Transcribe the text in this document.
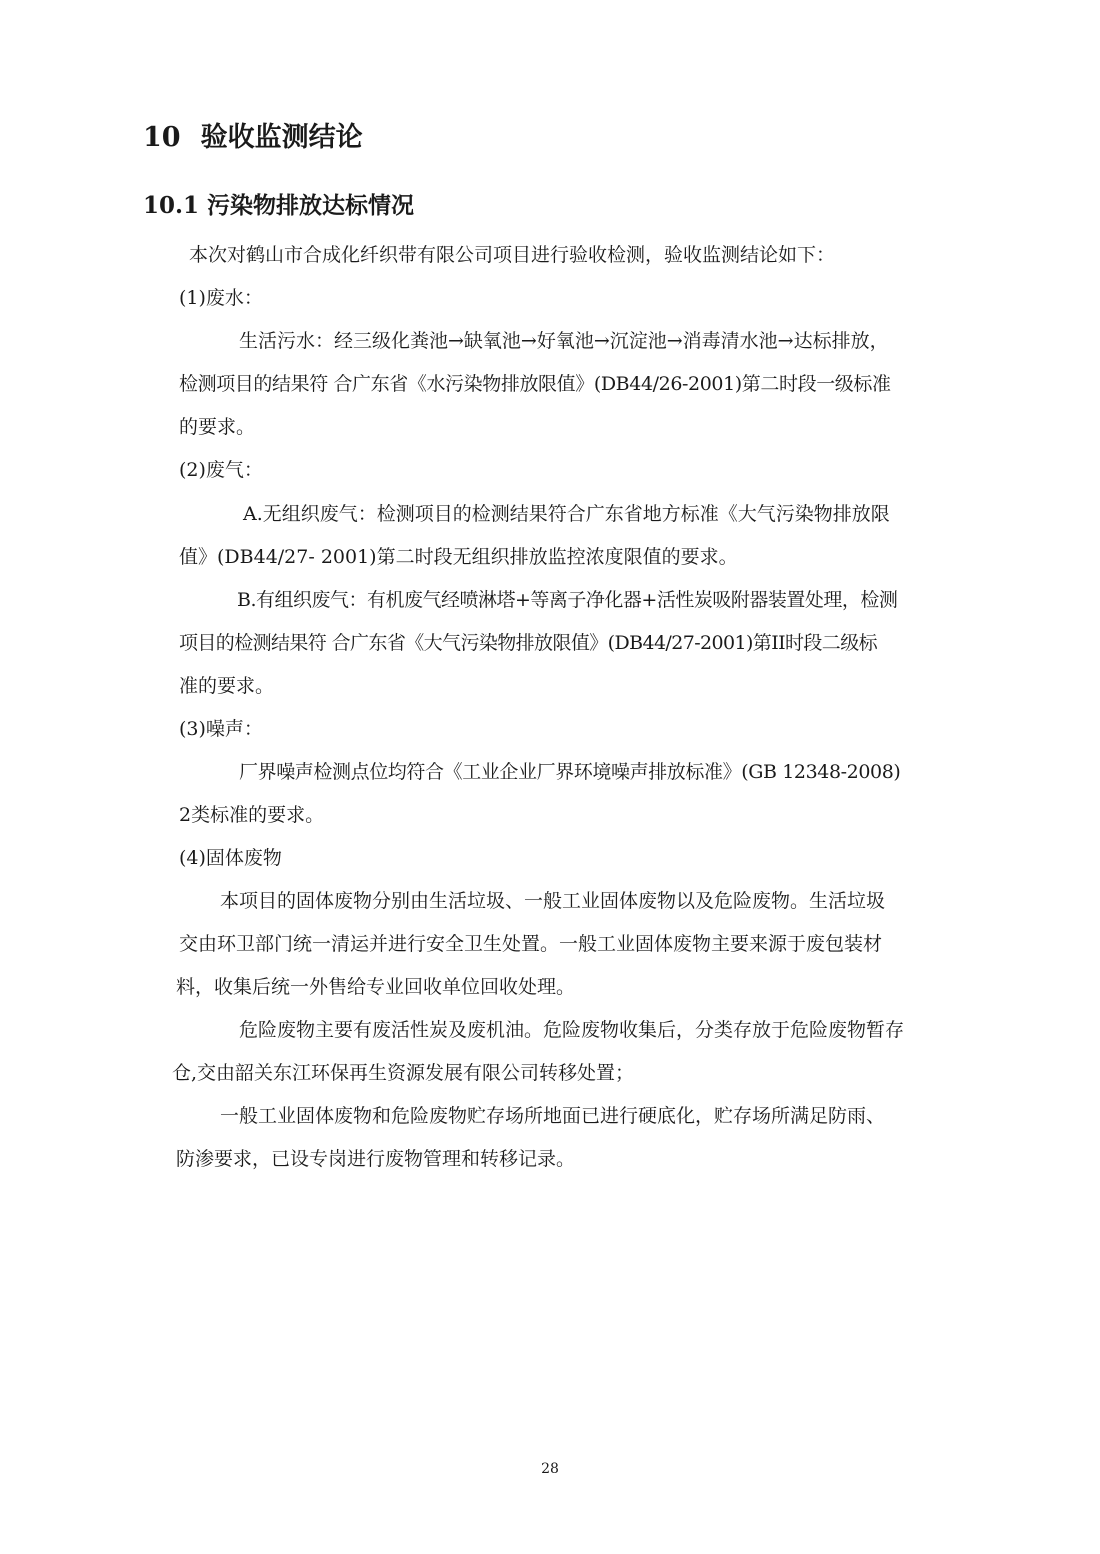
10 验收监测结论
10.1 污染物排放达标情况
本次对鹤山市合成化纤织带有限公司项目进行验收检测，验收监测结论如下：
(1)废水：
生活污水：经三级化粪池→缺氧池→好氧池→沉淀池→消毒清水池→达标排放，
检测项目的结果符 合广东省《水污染物排放限值》(DB44/26-2001)第二时段一级标准
的要求。
(2)废气：
A.无组织废气：检测项目的检测结果符合广东省地方标准《大气污染物排放限
值》(DB44/27- 2001)第二时段无组织排放监控浓度限值的要求。
B.有组织废气：有机废气经喷淋塔+等离子净化器+活性炭吸附器装置处理，检测
项目的检测结果符 合广东省《大气污染物排放限值》(DB44/27-2001)第II时段二级标
准的要求。
(3)噪声：
厂界噪声检测点位均符合《工业企业厂界环境噪声排放标准》(GB 12348-2008)
2类标准的要求。
(4)固体废物
本项目的固体废物分别由生活垃圾、一般工业固体废物以及危险废物。生活垃圾
交由环卫部门统一清运并进行安全卫生处置。一般工业固体废物主要来源于废包装材
料，收集后统一外售给专业回收单位回收处理。
危险废物主要有废活性炭及废机油。危险废物收集后，分类存放于危险废物暂存
仓,交由韶关东江环保再生资源发展有限公司转移处置；
一般工业固体废物和危险废物贮存场所地面已进行硬底化，贮存场所满足防雨、
防渗要求，已设专岗进行废物管理和转移记录。
28
